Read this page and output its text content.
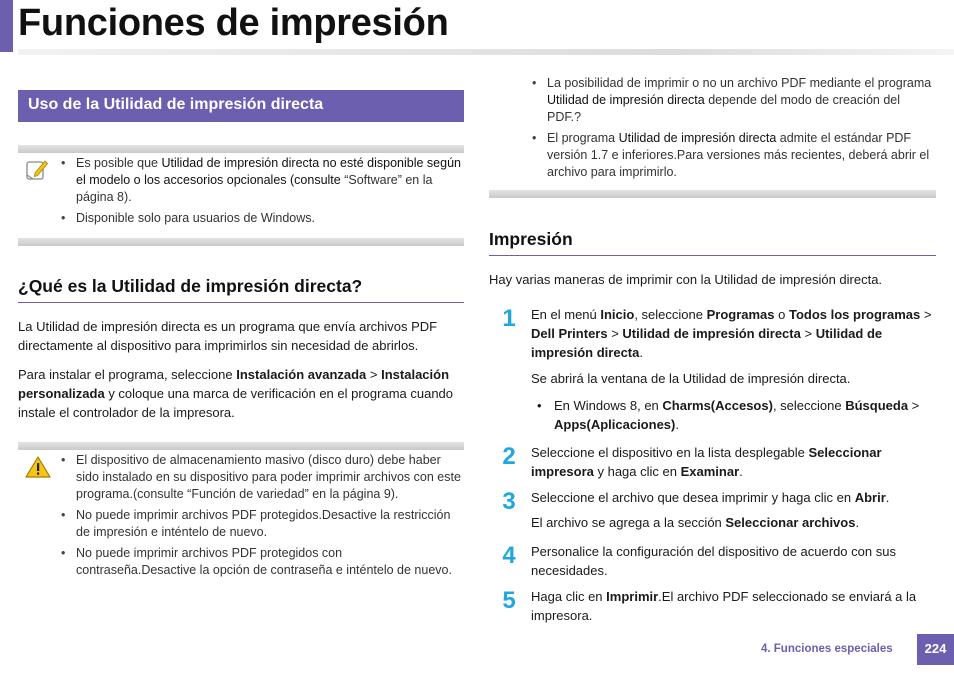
Funciones de impresión
Uso de la Utilidad de impresión directa
• Es posible que Utilidad de impresión directa no esté disponible según el modelo o los accesorios opcionales (consulte “Software” en la página 8).
• Disponible solo para usuarios de Windows.
¿Qué es la Utilidad de impresión directa?
La Utilidad de impresión directa es un programa que envía archivos PDF directamente al dispositivo para imprimirlos sin necesidad de abrirlos.
Para instalar el programa, seleccione Instalación avanzada > Instalación personalizada y coloque una marca de verificación en el programa cuando instale el controlador de la impresora.
• El dispositivo de almacenamiento masivo (disco duro) debe haber sido instalado en su dispositivo para poder imprimir archivos con este programa.(consulte “Función de variedad” en la página 9).
• No puede imprimir archivos PDF protegidos.Desactive la restricción de impresión e inténtelo de nuevo.
• No puede imprimir archivos PDF protegidos con contraseña.Desactive la opción de contraseña e inténtelo de nuevo.
• La posibilidad de imprimir o no un archivo PDF mediante el programa Utilidad de impresión directa depende del modo de creación del PDF.?
• El programa Utilidad de impresión directa admite el estándar PDF versión 1.7 e inferiores.Para versiones más recientes, deberá abrir el archivo para imprimirlo.
Impresión
Hay varias maneras de imprimir con la Utilidad de impresión directa.
1 En el menú Inicio, seleccione Programas o Todos los programas > Dell Printers > Utilidad de impresión directa > Utilidad de impresión directa.
Se abrirá la ventana de la Utilidad de impresión directa.
• En Windows 8, en Charms(Accesos), seleccione Búsqueda > Apps(Aplicaciones).
2 Seleccione el dispositivo en la lista desplegable Seleccionar impresora y haga clic en Examinar.
3 Seleccione el archivo que desea imprimir y haga clic en Abrir.
El archivo se agrega a la sección Seleccionar archivos.
4 Personalice la configuración del dispositivo de acuerdo con sus necesidades.
5 Haga clic en Imprimir.El archivo PDF seleccionado se enviará a la impresora.
4. Funciones especiales	224
